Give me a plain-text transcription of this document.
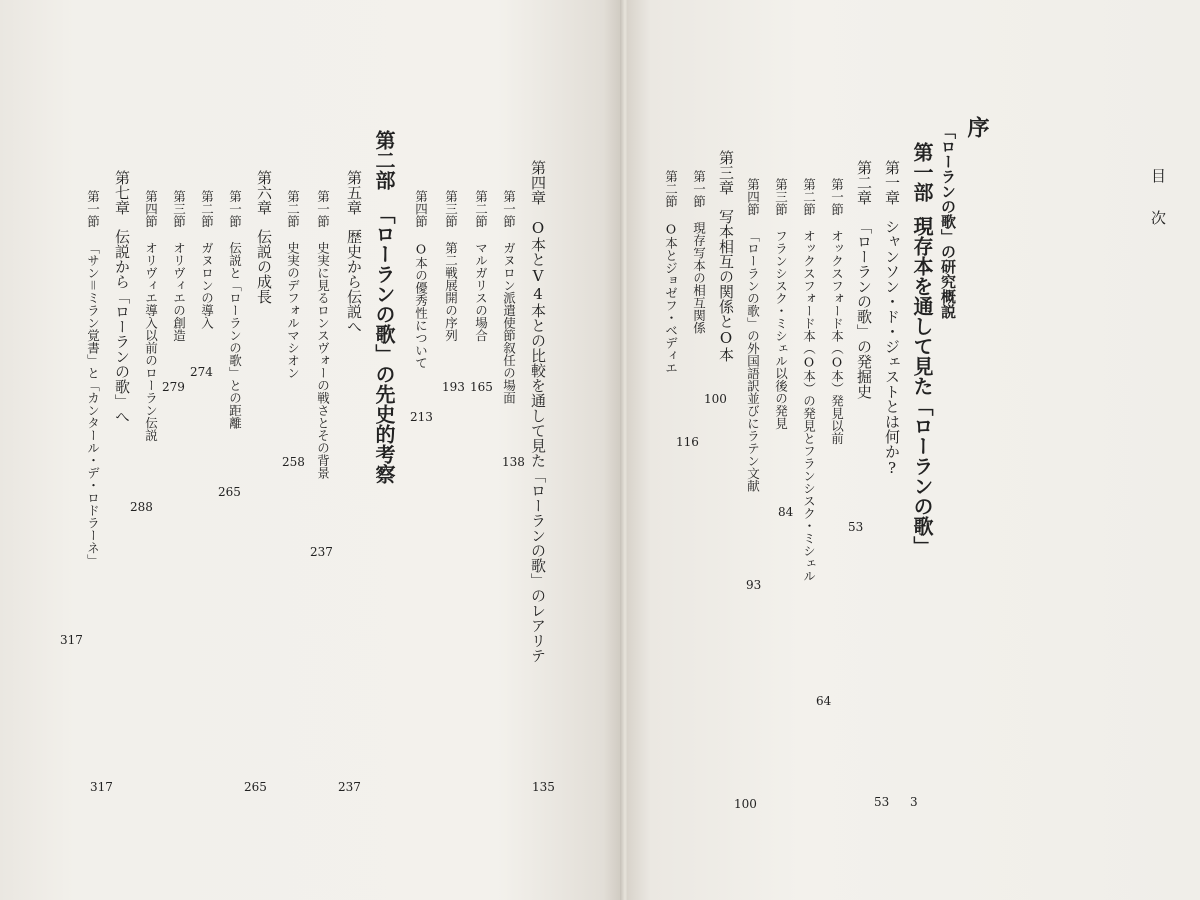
第四章O本とV4本との比較を通して見た「ローランの歌」のレアリテ
135
第一節ガヌロン派遣使節叙任の場面
138
第二節マルガリスの場合
165
第三節第二戦展開の序列
193
第四節O本の優秀性について
213
第二部「ローランの歌」の先史的考察
第五章歴史から伝説へ
237
第一節史実に見るロンスヴォーの戦さとその背景
237
第二節史実のデフォルマシオン
258
第六章伝説の成長
265
第一節伝説と「ローランの歌」との距離
265
第二節ガヌロンの導入
274
第三節オリヴィエの創造
279
第四節オリヴィエ導入以前のローラン伝説
288
第七章伝説から「ローランの歌」へ
317
第一節「サン＝ミラン覚書」と「カンタール・デ・ロドラーネ」
317
目　次
序
「ローランの歌」の研究概説
3
第一部現存本を通して見た「ローランの歌」
第一章シャンソン・ド・ジェストとは何か?
第二章「ローランの歌」の発掘史
53
第一節オックスフォード本（O本）発見以前
53
第二節オックスフォード本（O本）の発見とフランシスク・ミシェル
64
第三節フランシスク・ミシェル以後の発見
84
第四節「ローランの歌」の外国語訳並びにラテン文献
93
第三章写本相互の関係とO本
100
第一節現存写本の相互関係
100
第二節O本とジョゼフ・ベディエ
116
